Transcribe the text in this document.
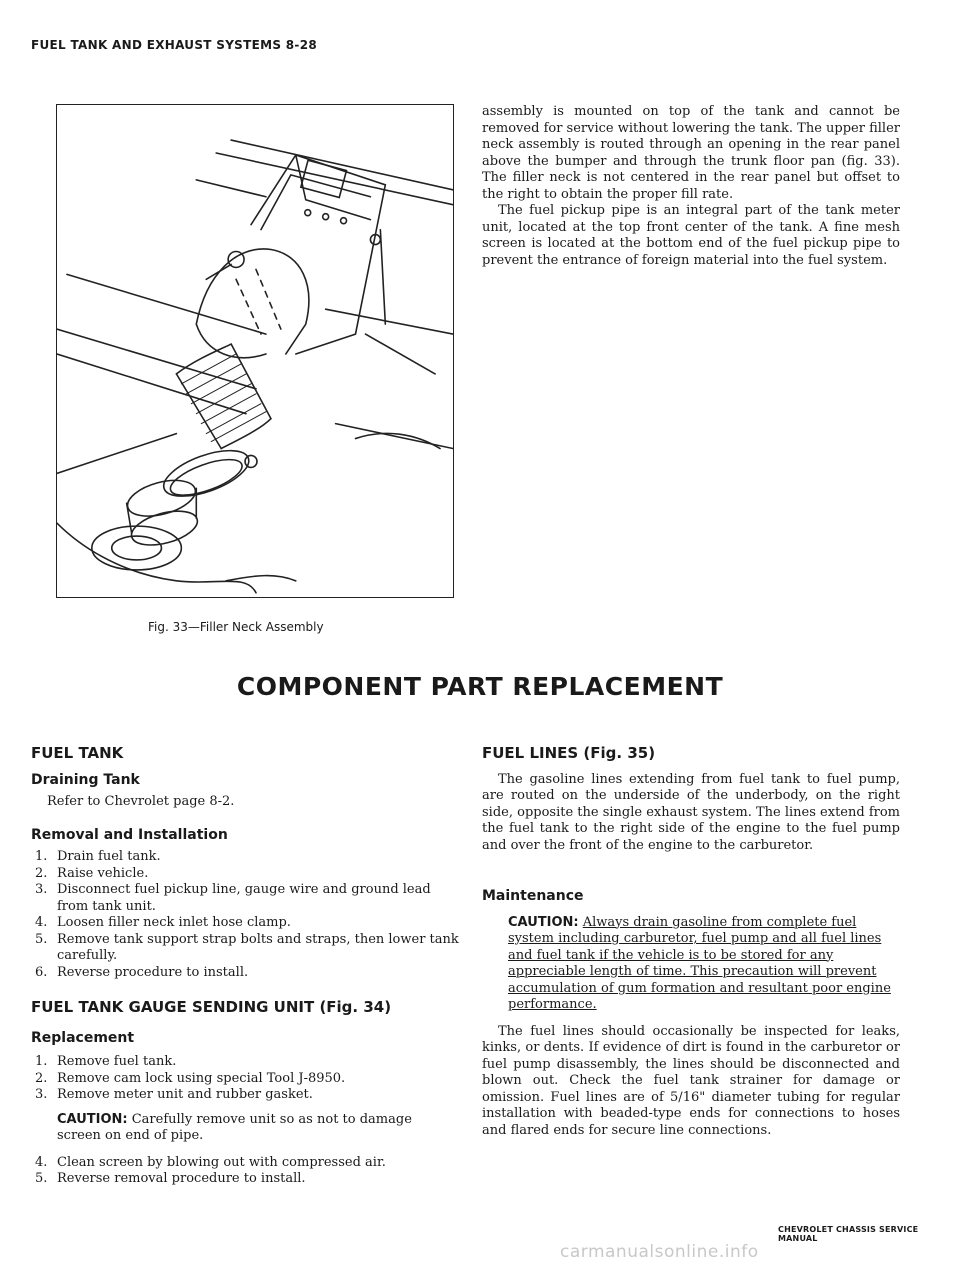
FUEL TANK AND EXHAUST SYSTEMS 8-28
Fig. 33—Filler Neck Assembly

assembly is mounted on top of the tank and cannot be removed for service without lowering the tank. The upper filler neck assembly is routed through an opening in the rear panel above the bumper and through the trunk floor pan (fig. 33). The filler neck is not centered in the rear panel but offset to the right to obtain the proper fill rate.

The fuel pickup pipe is an integral part of the tank meter unit, located at the top front center of the tank. A fine mesh screen is located at the bottom end of the fuel pickup pipe to prevent the entrance of foreign material into the fuel system.

COMPONENT PART REPLACEMENT
FUEL TANK
Draining Tank

Refer to Chevrolet page 8-2.

Removal and Installation
1. Drain fuel tank.
2. Raise vehicle.
3. Disconnect fuel pickup line, gauge wire and ground lead from tank unit.
4. Loosen filler neck inlet hose clamp.
5. Remove tank support strap bolts and straps, then lower tank carefully.
6. Reverse procedure to install.
FUEL TANK GAUGE SENDING UNIT (Fig. 34)
Replacement
1. Remove fuel tank.
2. Remove cam lock using special Tool J-8950.
3. Remove meter unit and rubber gasket.

CAUTION: Carefully remove unit so as not to damage screen on end of pipe.

4. Clean screen by blowing out with compressed air.
5. Reverse removal procedure to install.
FUEL LINES (Fig. 35)

The gasoline lines extending from fuel tank to fuel pump, are routed on the underside of the underbody, on the right side, opposite the single exhaust system. The lines extend from the fuel tank to the right side of the engine to the fuel pump and over the front of the engine to the carburetor.

Maintenance

CAUTION: Always drain gasoline from complete fuel system including carburetor, fuel pump and all fuel lines and fuel tank if the vehicle is to be stored for any appreciable length of time. This precaution will prevent accumulation of gum formation and resultant poor engine performance.

The fuel lines should occasionally be inspected for leaks, kinks, or dents. If evidence of dirt is found in the carburetor or fuel pump disassembly, the lines should be disconnected and blown out. Check the fuel tank strainer for damage or omission. Fuel lines are of 5/16" diameter tubing for regular installation with beaded-type ends for connections to hoses and flared ends for secure line connections.

CHEVROLET CHASSIS SERVICE MANUAL
carmanualsonline.info
